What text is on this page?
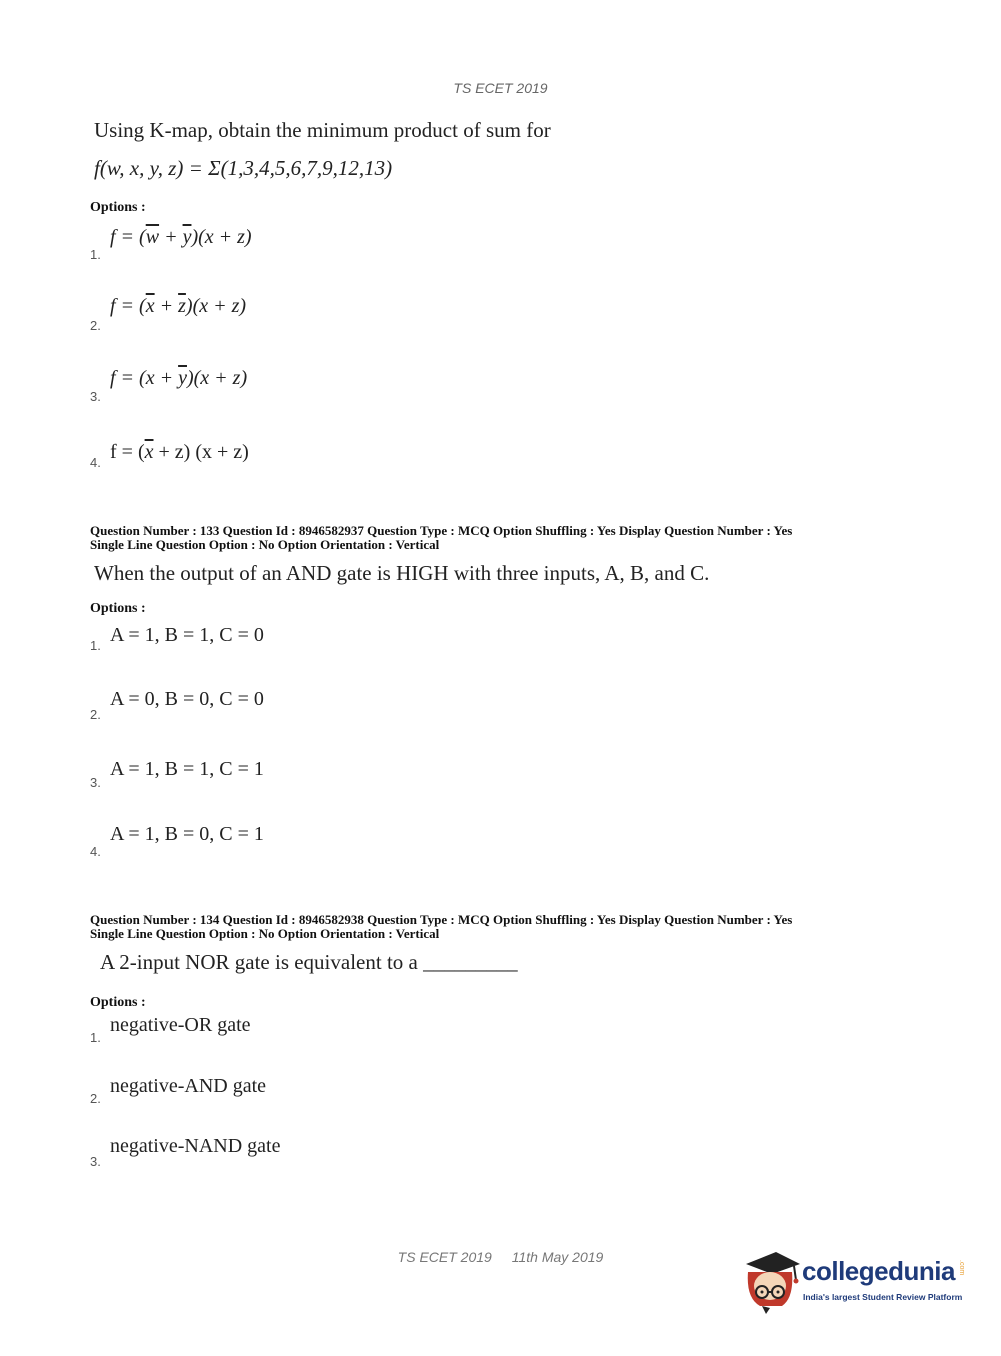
TS ECET 2019
Using K-map, obtain the minimum product of sum for
f(w, x, y, z) = Σ(1,3,4,5,6,7,9,12,13)
Options :
1.
$f = (\overline{w} + \overline{y})(x + z)$
2.
$f = (\overline{x} + \overline{z})(x + z)$
3.
$f = (x + \overline{y})(x + z)$
4. $f = (\overline{x} + z) (x + z)$
Question Number : 133 Question Id : 8946582937 Question Type : MCQ Option Shuffling : Yes Display Question Number : Yes
Single Line Question Option : No Option Orientation : Vertical
When the output of an AND gate is HIGH with three inputs, A, B, and C.
Options :
1. A = 1, B = 1, C = 0
2.
A = 0, B = 0, C = 0
3.
A = 1, B = 1, C = 1
4.
A = 1, B = 0, C = 1
Question Number : 134 Question Id : 8946582938 Question Type : MCQ Option Shuffling : Yes Display Question Number : Yes
Single Line Question Option : No Option Orientation : Vertical
A 2-input NOR gate is equivalent to a _________
Options :
1.
negative-OR gate
2.
negative-AND gate
3.
negative-NAND gate
TS ECET 2019 11th May 2019	collegedunia .com
India's largest Student Review Platform
